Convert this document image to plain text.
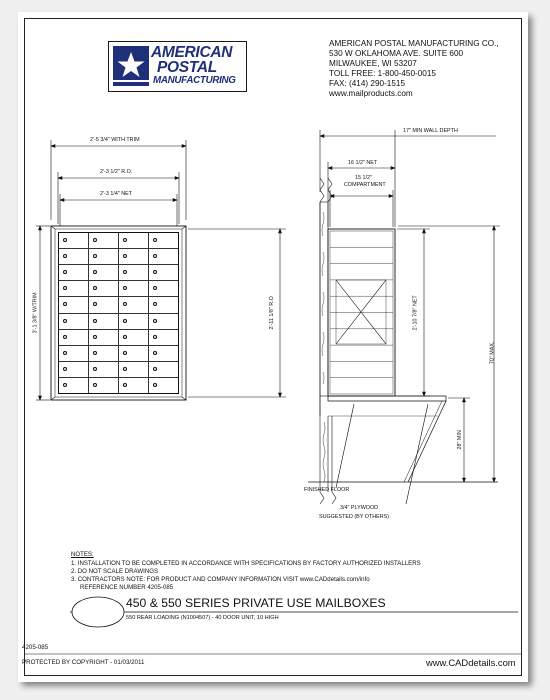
AMERICAN
POSTAL
MANUFACTURING
AMERICAN POSTAL MANUFACTURING CO.,
530 W OKLAHOMA AVE. SUITE 600
MILWAUKEE, WI 53207
TOLL FREE: 1-800-450-0015
FAX: (414) 290-1515
www.mailproducts.com
2'-5 3/4" WITH TRIM
2'-3 1/2" R.O.
2'-3 1/4" NET
3'-1 3/8" W/TRIM	2'-11 1/8" R.O
17" MIN WALL DEPTH
16 1/2" NET
15 1/2"
COMPARTMENT
2'-10 7/8" NET
70" MAX.
28" MIN
FINISHED FLOOR
3/4" PLYWOOD
SUGGESTED (BY OTHERS)
NOTES:
1. INSTALLATION TO BE COMPLETED IN ACCORDANCE WITH SPECIFICATIONS BY FACTORY AUTHORIZED INSTALLERS
2. DO NOT SCALE DRAWINGS
3. CONTRACTORS NOTE: FOR PRODUCT AND COMPANY INFORMATION VISIT www.CADdetails.com/info
REFERENCE NUMBER 4205-085
450 & 550 SERIES PRIVATE USE MAILBOXES
550 REAR LOADING (N1004507) - 40 DOOR UNIT, 10 HIGH
4205-085
PROTECTED BY COPYRIGHT - 01/03/2011	www.CADdetails.com
